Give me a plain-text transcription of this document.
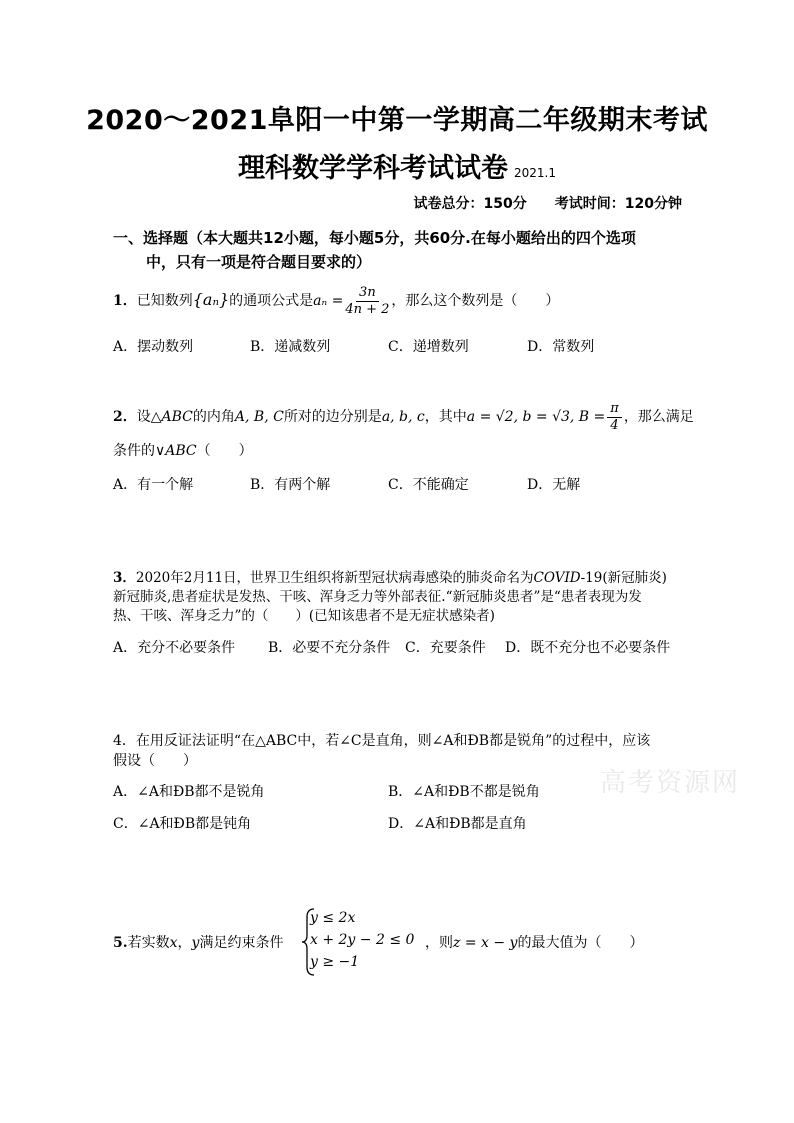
2020～2021阜阳一中第一学期高二年级期末考试
理科数学学科考试试卷 2021.1
试卷总分：150分 考试时间：120分钟
一、选择题（本大题共12小题，每小题5分，共60分.在每小题给出的四个选项
中，只有一项是符合题目要求的）
1．已知数列{aₙ}的通项公式是$a_n = \frac{3n}{4n + 2}$ ，那么这个数列是（　　）
A．摆动数列	B．递减数列	C．递增数列	D．常数列
2．设△ABC的内角A, B, C所对的边分别是a, b, c，其中a = √2, b = √3, $B = \frac{\pi}{4}$ ，那么满足
条件的∨ABC（　　）
A．有一个解	B．有两个解	C．不能确定	D．无解
3．2020年2月11日，世界卫生组织将新型冠状病毒感染的肺炎命名为COVID-19(新冠肺炎)
新冠肺炎,患者症状是发热、干咳、浑身乏力等外部表征.“新冠肺炎患者”是“患者表现为发
热、干咳、浑身乏力”的（　　）(已知该患者不是无症状感染者)
A．充分不必要条件 B．必要不充分条件 C．充要条件 D．既不充分也不必要条件
4．在用反证法证明“在△ABC中，若∠C是直角，则∠A和ÐB都是锐角”的过程中，应该
假设（　　）
A．∠A和ÐB都不是锐角	B．∠A和ÐB不都是锐角
C．∠A和ÐB都是钝角	D．∠A和ÐB都是直角
高考资源网
y ≤ 2x
x + 2y − 2 ≤ 0
y ≥ −1
5.若实数x，y满足约束条件	，则z = x − y的最大值为（　　）
